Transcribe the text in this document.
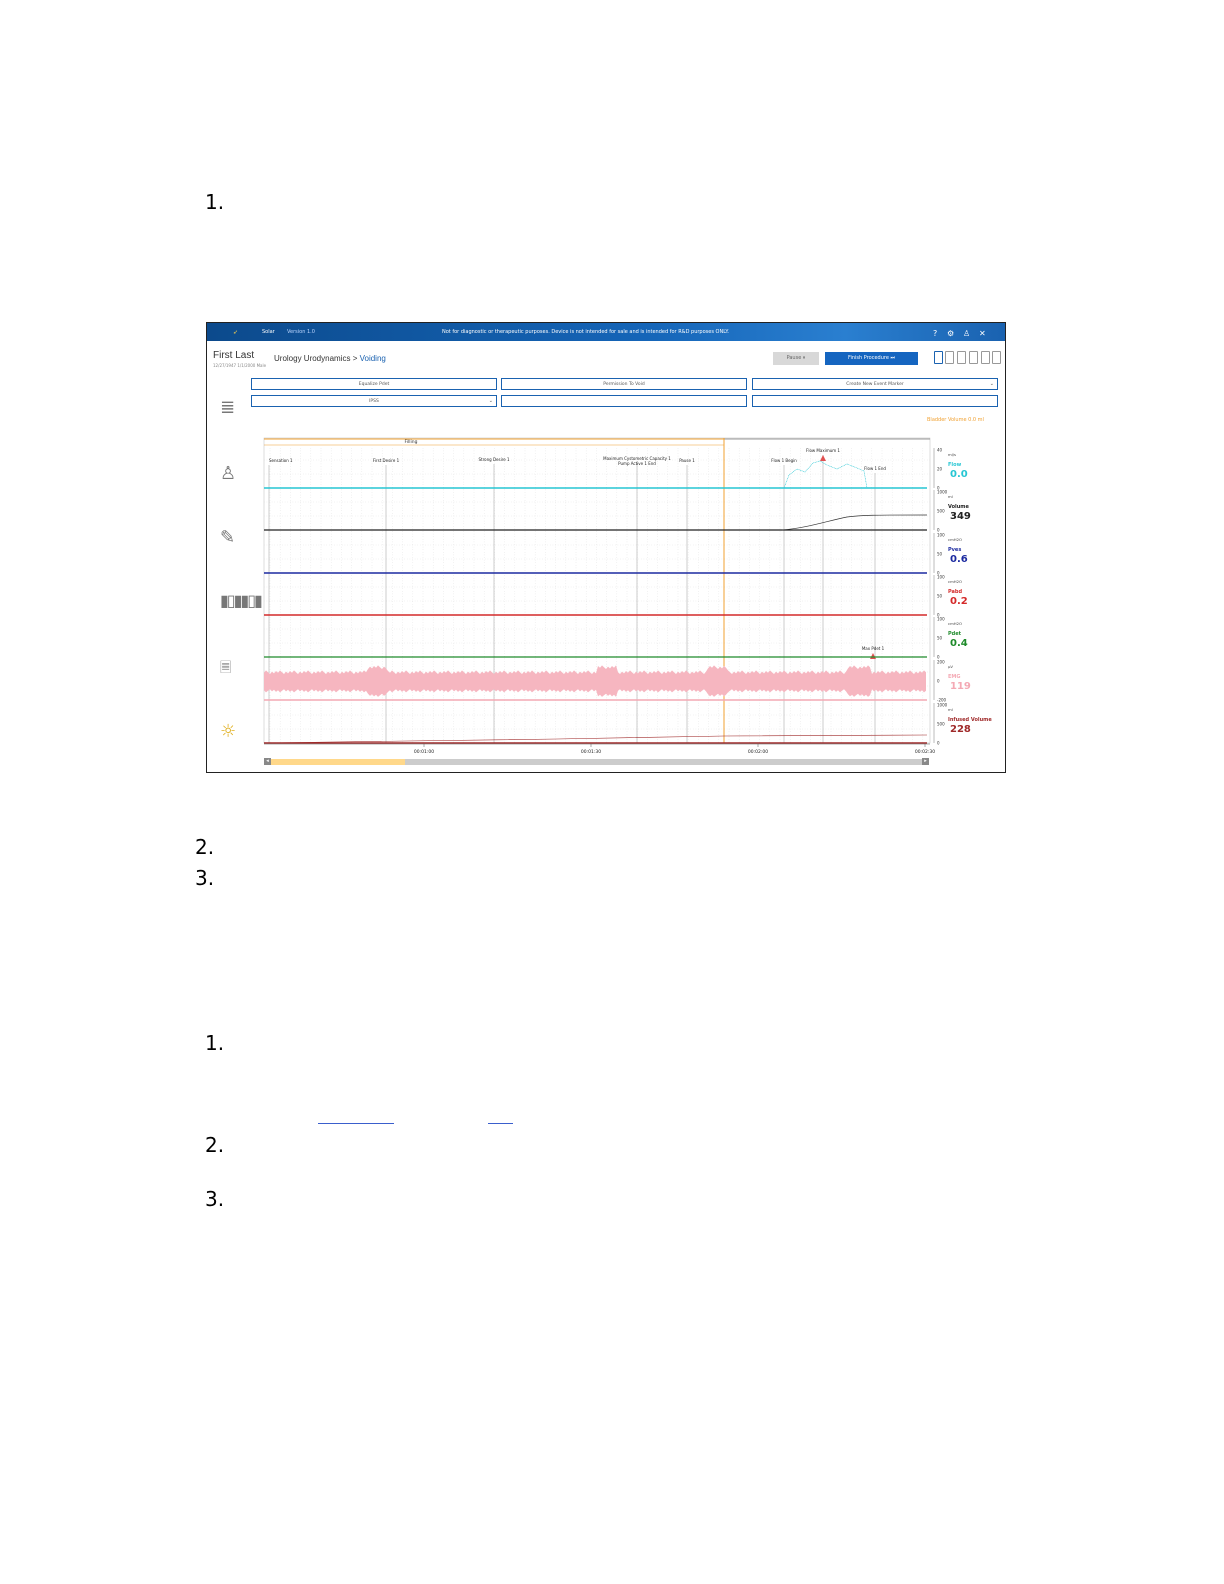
1.
2.
3.
1.
2.
3.
➶	Solar Version 1.0	Not for diagnostic or therapeutic purposes. Device is not intended for sale and is intended for R&D purposes ONLY.	? ⚙ ♙ ✕
First Last
12/27/1947 1/1/2000 Male
Urology Urodynamics > Voiding	Pause ⏸	Finish Procedure ⏭
≣
♙
✎
▮▯▮▮▯▮
🗏
☼
Equalize Pdet	Permission To Void	Create New Event Marker	⌄
IPSS	⌄
Bladder Volume 0.0 ml
Filling
Sensation 1	First Desire 1	Strong Desire 1	Maximum Cystometric Capacity 1
Pump Active 1 End
Pause 1	Flow 1 Begin
Flow Maximum 1
Flow 1 End
Max Pdet 1
40
20
0
ml/s
Flow
0.0
1000
500
0
ml
Volume
349
100
50
0
cmH2O
Pves
0.6
100
50
0
cmH2O
Pabd
0.2
100
50
0
cmH2O
Pdet
0.4
200
0
-200
µV
EMG
119
1000
500
0
ml
Infused Volume
228
00:01:00	00:01:30	00:02:00	00:02:30
◂	▸
